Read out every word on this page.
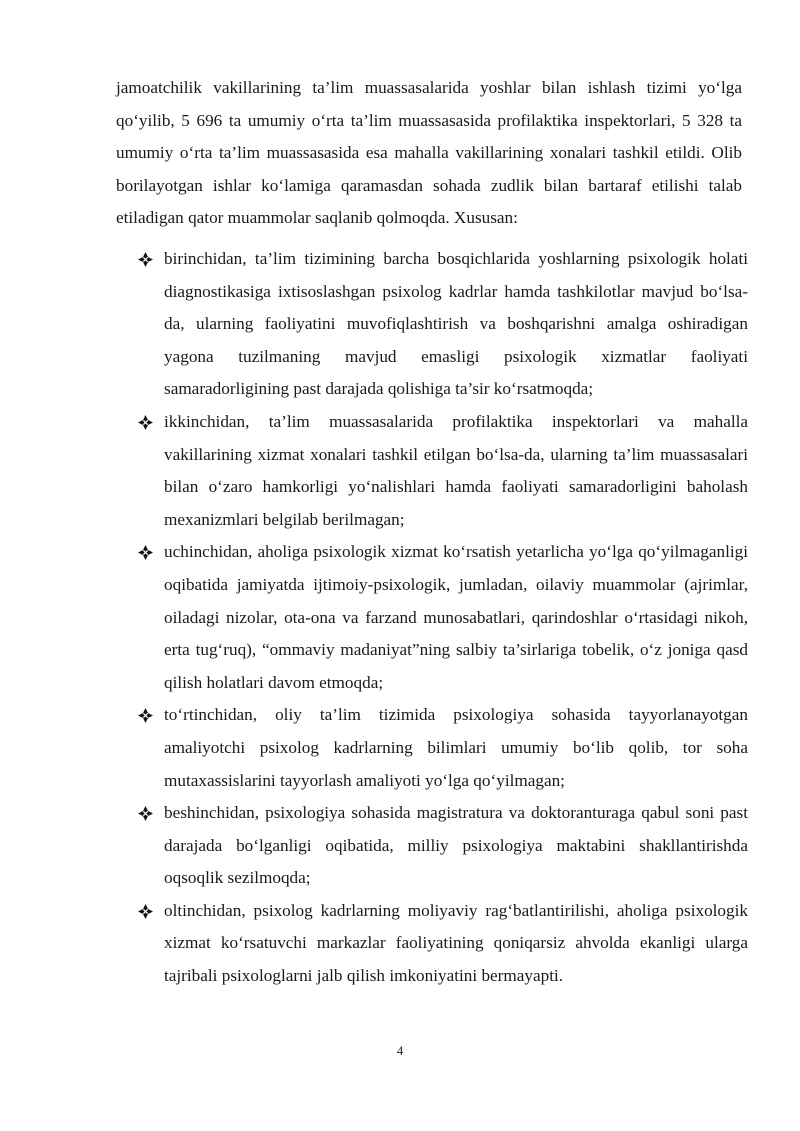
jamoatchilik vakillarining ta’lim muassasalarida yoshlar bilan ishlash tizimi yo‘lga qo‘yilib, 5 696 ta umumiy o‘rta ta’lim muassasasida profilaktika inspektorlari, 5 328 ta umumiy o‘rta ta’lim muassasasida esa mahalla vakillarining xonalari tashkil etildi. Olib borilayotgan ishlar ko‘lamiga qaramasdan sohada zudlik bilan bartaraf etilishi talab etiladigan qator muammolar saqlanib qolmoqda. Xususan:

birinchidan, ta’lim tizimining barcha bosqichlarida yoshlarning psixologik holati diagnostikasiga ixtisoslashgan psixolog kadrlar hamda tashkilotlar mavjud bo‘lsa-da, ularning faoliyatini muvofiqlashtirish va boshqarishni amalga oshiradigan yagona tuzilmaning mavjud emasligi psixologik xizmatlar faoliyati samaradorligining past darajada qolishiga ta’sir ko‘rsatmoqda;
ikkinchidan, ta’lim muassasalarida profilaktika inspektorlari va mahalla vakillarining xizmat xonalari tashkil etilgan bo‘lsa-da, ularning ta’lim muassasalari bilan o‘zaro hamkorligi yo‘nalishlari hamda faoliyati samaradorligini baholash mexanizmlari belgilab berilmagan;
uchinchidan, aholiga psixologik xizmat ko‘rsatish yetarlicha yo‘lga qo‘yilmaganligi oqibatida jamiyatda ijtimoiy-psixologik, jumladan, oilaviy muammolar (ajrimlar, oiladagi nizolar, ota-ona va farzand munosabatlari, qarindoshlar o‘rtasidagi nikoh, erta tug‘ruq), “ommaviy madaniyat”ning salbiy ta’sirlariga tobelik, o‘z joniga qasd qilish holatlari davom etmoqda;
to‘rtinchidan, oliy ta’lim tizimida psixologiya sohasida tayyorlanayotgan amaliyotchi psixolog kadrlarning bilimlari umumiy bo‘lib qolib, tor soha mutaxassislarini tayyorlash amaliyoti yo‘lga qo‘yilmagan;
beshinchidan, psixologiya sohasida magistratura va doktoranturaga qabul soni past darajada bo‘lganligi oqibatida, milliy psixologiya maktabini shakllantirishda oqsoqlik sezilmoqda;
oltinchidan, psixolog kadrlarning moliyaviy rag‘batlantirilishi, aholiga psixologik xizmat ko‘rsatuvchi markazlar faoliyatining qoniqarsiz ahvolda ekanligi ularga tajribali psixologlarni jalb qilish imkoniyatini bermayapti.
4
